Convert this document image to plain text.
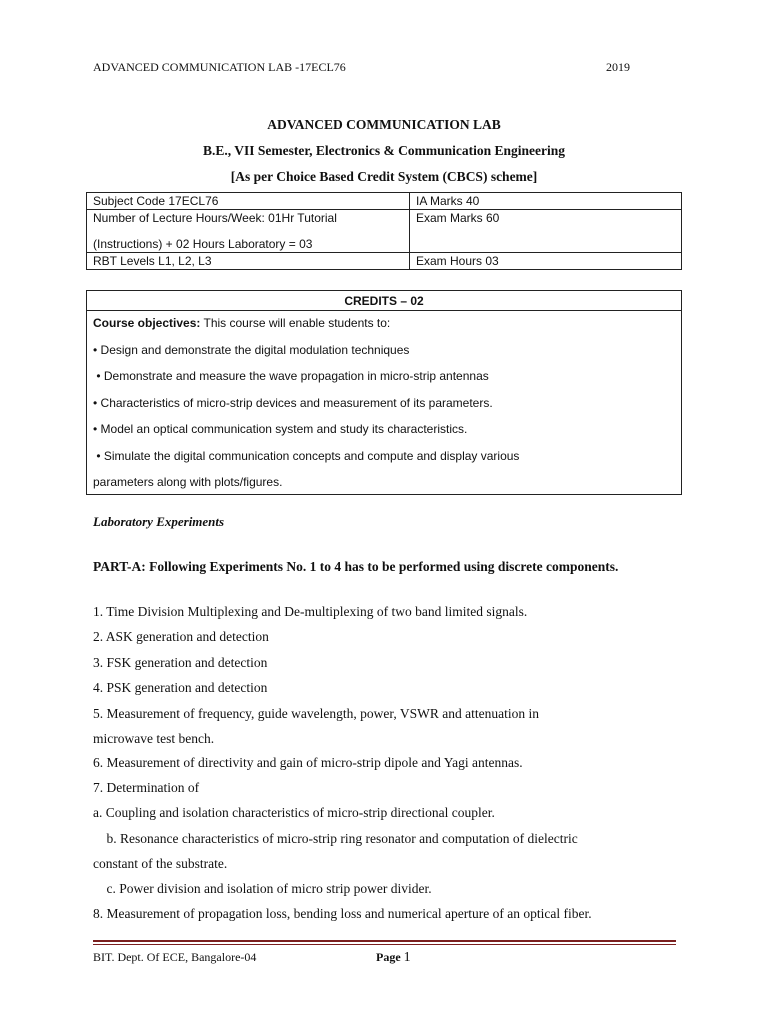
ADVANCED COMMUNICATION LAB -17ECL76	2019
ADVANCED COMMUNICATION LAB
B.E., VII Semester, Electronics & Communication Engineering
[As per Choice Based Credit System (CBCS) scheme]
Subject Code 17ECL76	IA Marks 40

Number of Lecture Hours/Week: 01Hr Tutorial
(Instructions) + 02 Hours Laboratory = 03	Exam Marks 60
RBT Levels L1, L2, L3	Exam Hours 03
CREDITS – 02
Course objectives: This course will enable students to:
• Design and demonstrate the digital modulation techniques
• Demonstrate and measure the wave propagation in micro-strip antennas
• Characteristics of micro-strip devices and measurement of its parameters.
• Model an optical communication system and study its characteristics.
• Simulate the digital communication concepts and compute and display various
parameters along with plots/figures.
Laboratory Experiments
PART-A: Following Experiments No. 1 to 4 has to be performed using discrete components.
1. Time Division Multiplexing and De-multiplexing of two band limited signals.
2. ASK generation and detection
3. FSK generation and detection
4. PSK generation and detection
5. Measurement of frequency, guide wavelength, power, VSWR and attenuation in
microwave test bench.
6. Measurement of directivity and gain of micro-strip dipole and Yagi antennas.
7. Determination of
a. Coupling and isolation characteristics of micro-strip directional coupler.
b. Resonance characteristics of micro-strip ring resonator and computation of dielectric
constant of the substrate.
c. Power division and isolation of micro strip power divider.
8. Measurement of propagation loss, bending loss and numerical aperture of an optical fiber.
BIT. Dept. Of ECE, Bangalore-04	Page 1
